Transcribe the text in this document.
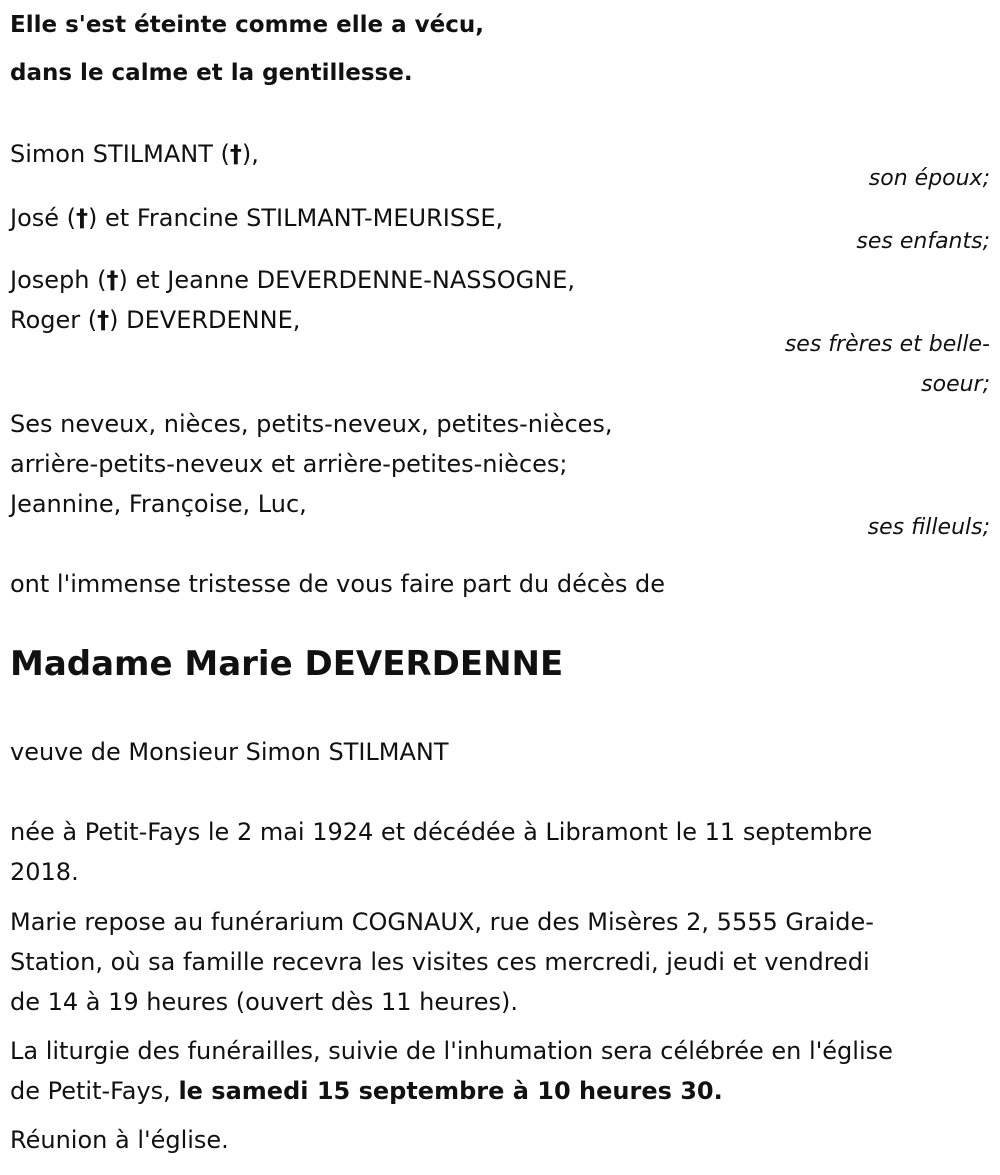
Elle s'est éteinte comme elle a vécu,
dans le calme et la gentillesse.
Simon STILMANT (†),
son époux;
José (†) et Francine STILMANT-MEURISSE,
ses enfants;
Joseph (†) et Jeanne DEVERDENNE-NASSOGNE,
Roger (†) DEVERDENNE,
ses frères et belle-
soeur;
Ses neveux, nièces, petits-neveux, petites-nièces,
arrière-petits-neveux et arrière-petites-nièces;
Jeannine, Françoise, Luc,
ses filleuls;
ont l'immense tristesse de vous faire part du décès de
Madame Marie DEVERDENNE
veuve de Monsieur Simon STILMANT
née à Petit-Fays le 2 mai 1924 et décédée à Libramont le 11 septembre
2018.
Marie repose au funérarium COGNAUX, rue des Misères 2, 5555 Graide-
Station, où sa famille recevra les visites ces mercredi, jeudi et vendredi
de 14 à 19 heures (ouvert dès 11 heures).
La liturgie des funérailles, suivie de l'inhumation sera célébrée en l'église
de Petit-Fays, le samedi 15 septembre à 10 heures 30.
Réunion à l'église.
